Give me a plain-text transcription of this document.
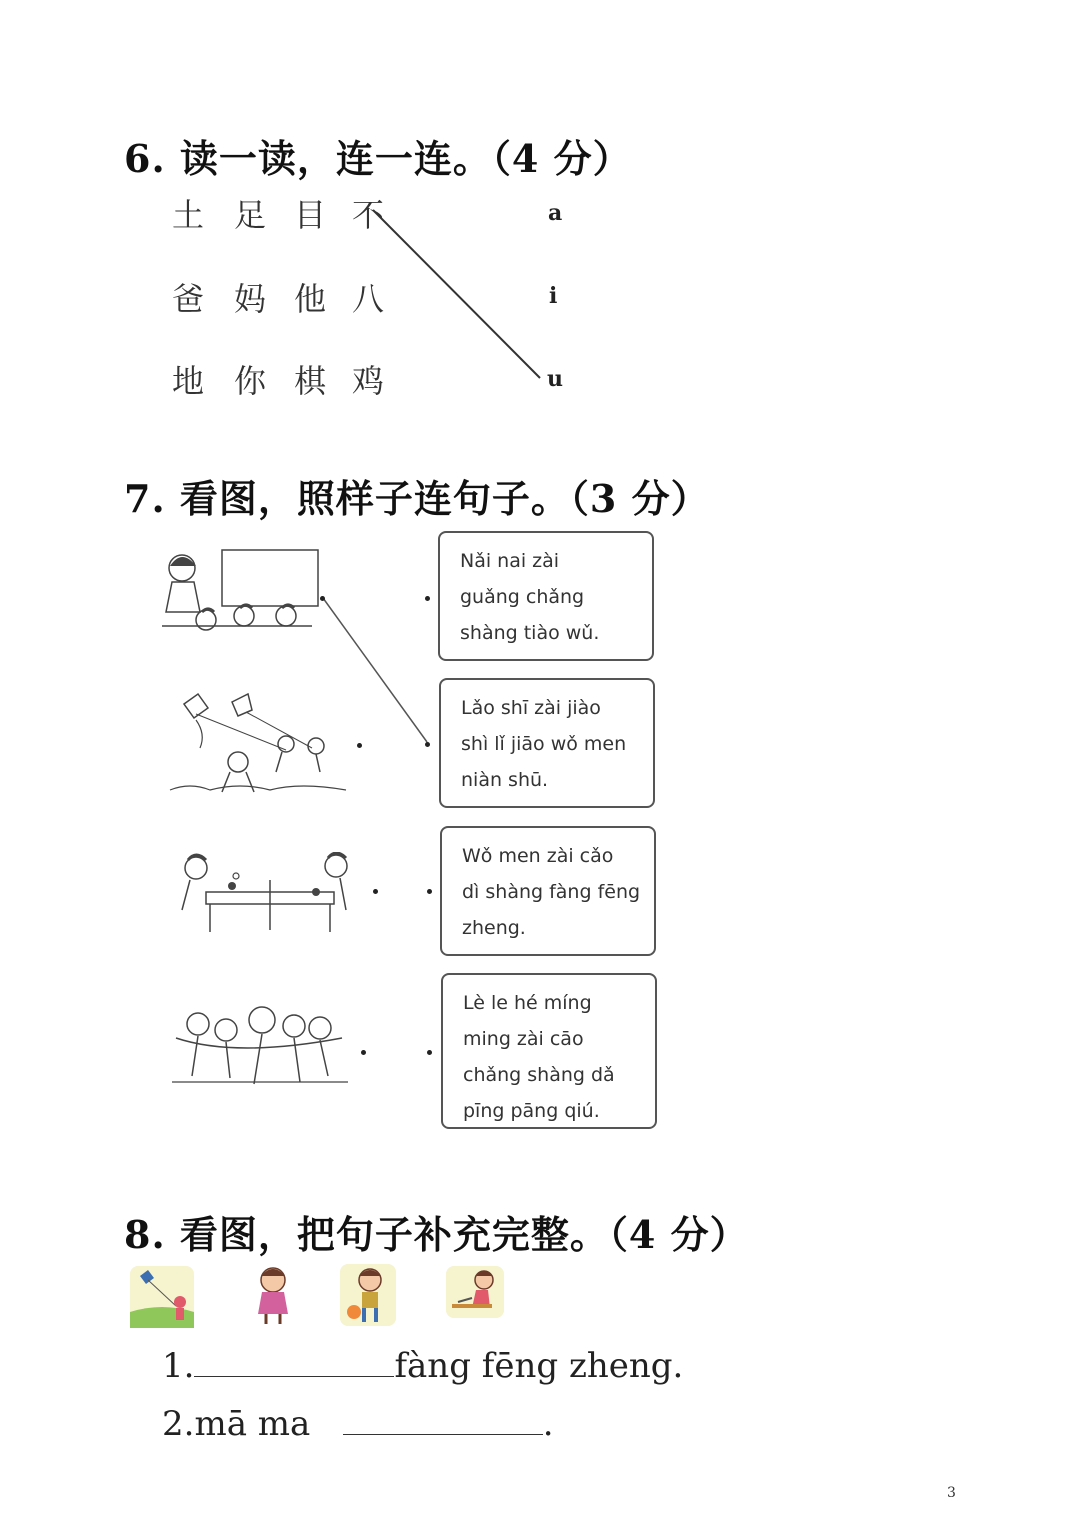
6. 读一读，连一连。（4 分）
土 足 目 不
爸 妈 他 八
地 你 棋 鸡
a
i
u
7. 看图，照样子连句子。（3 分）
Nǎi nai zài
guǎng chǎng
shàng tiào wǔ.
Lǎo shī zài jiào
shì lǐ jiāo wǒ men
niàn shū.
Wǒ men zài cǎo
dì shàng fàng fēng
zheng.
Lè le hé míng
ming zài cāo
chǎng shàng dǎ
pīng pāng qiú.
8. 看图，把句子补充完整。（4 分）
1.	fàng fēng zheng.
2.mā ma	.
3
